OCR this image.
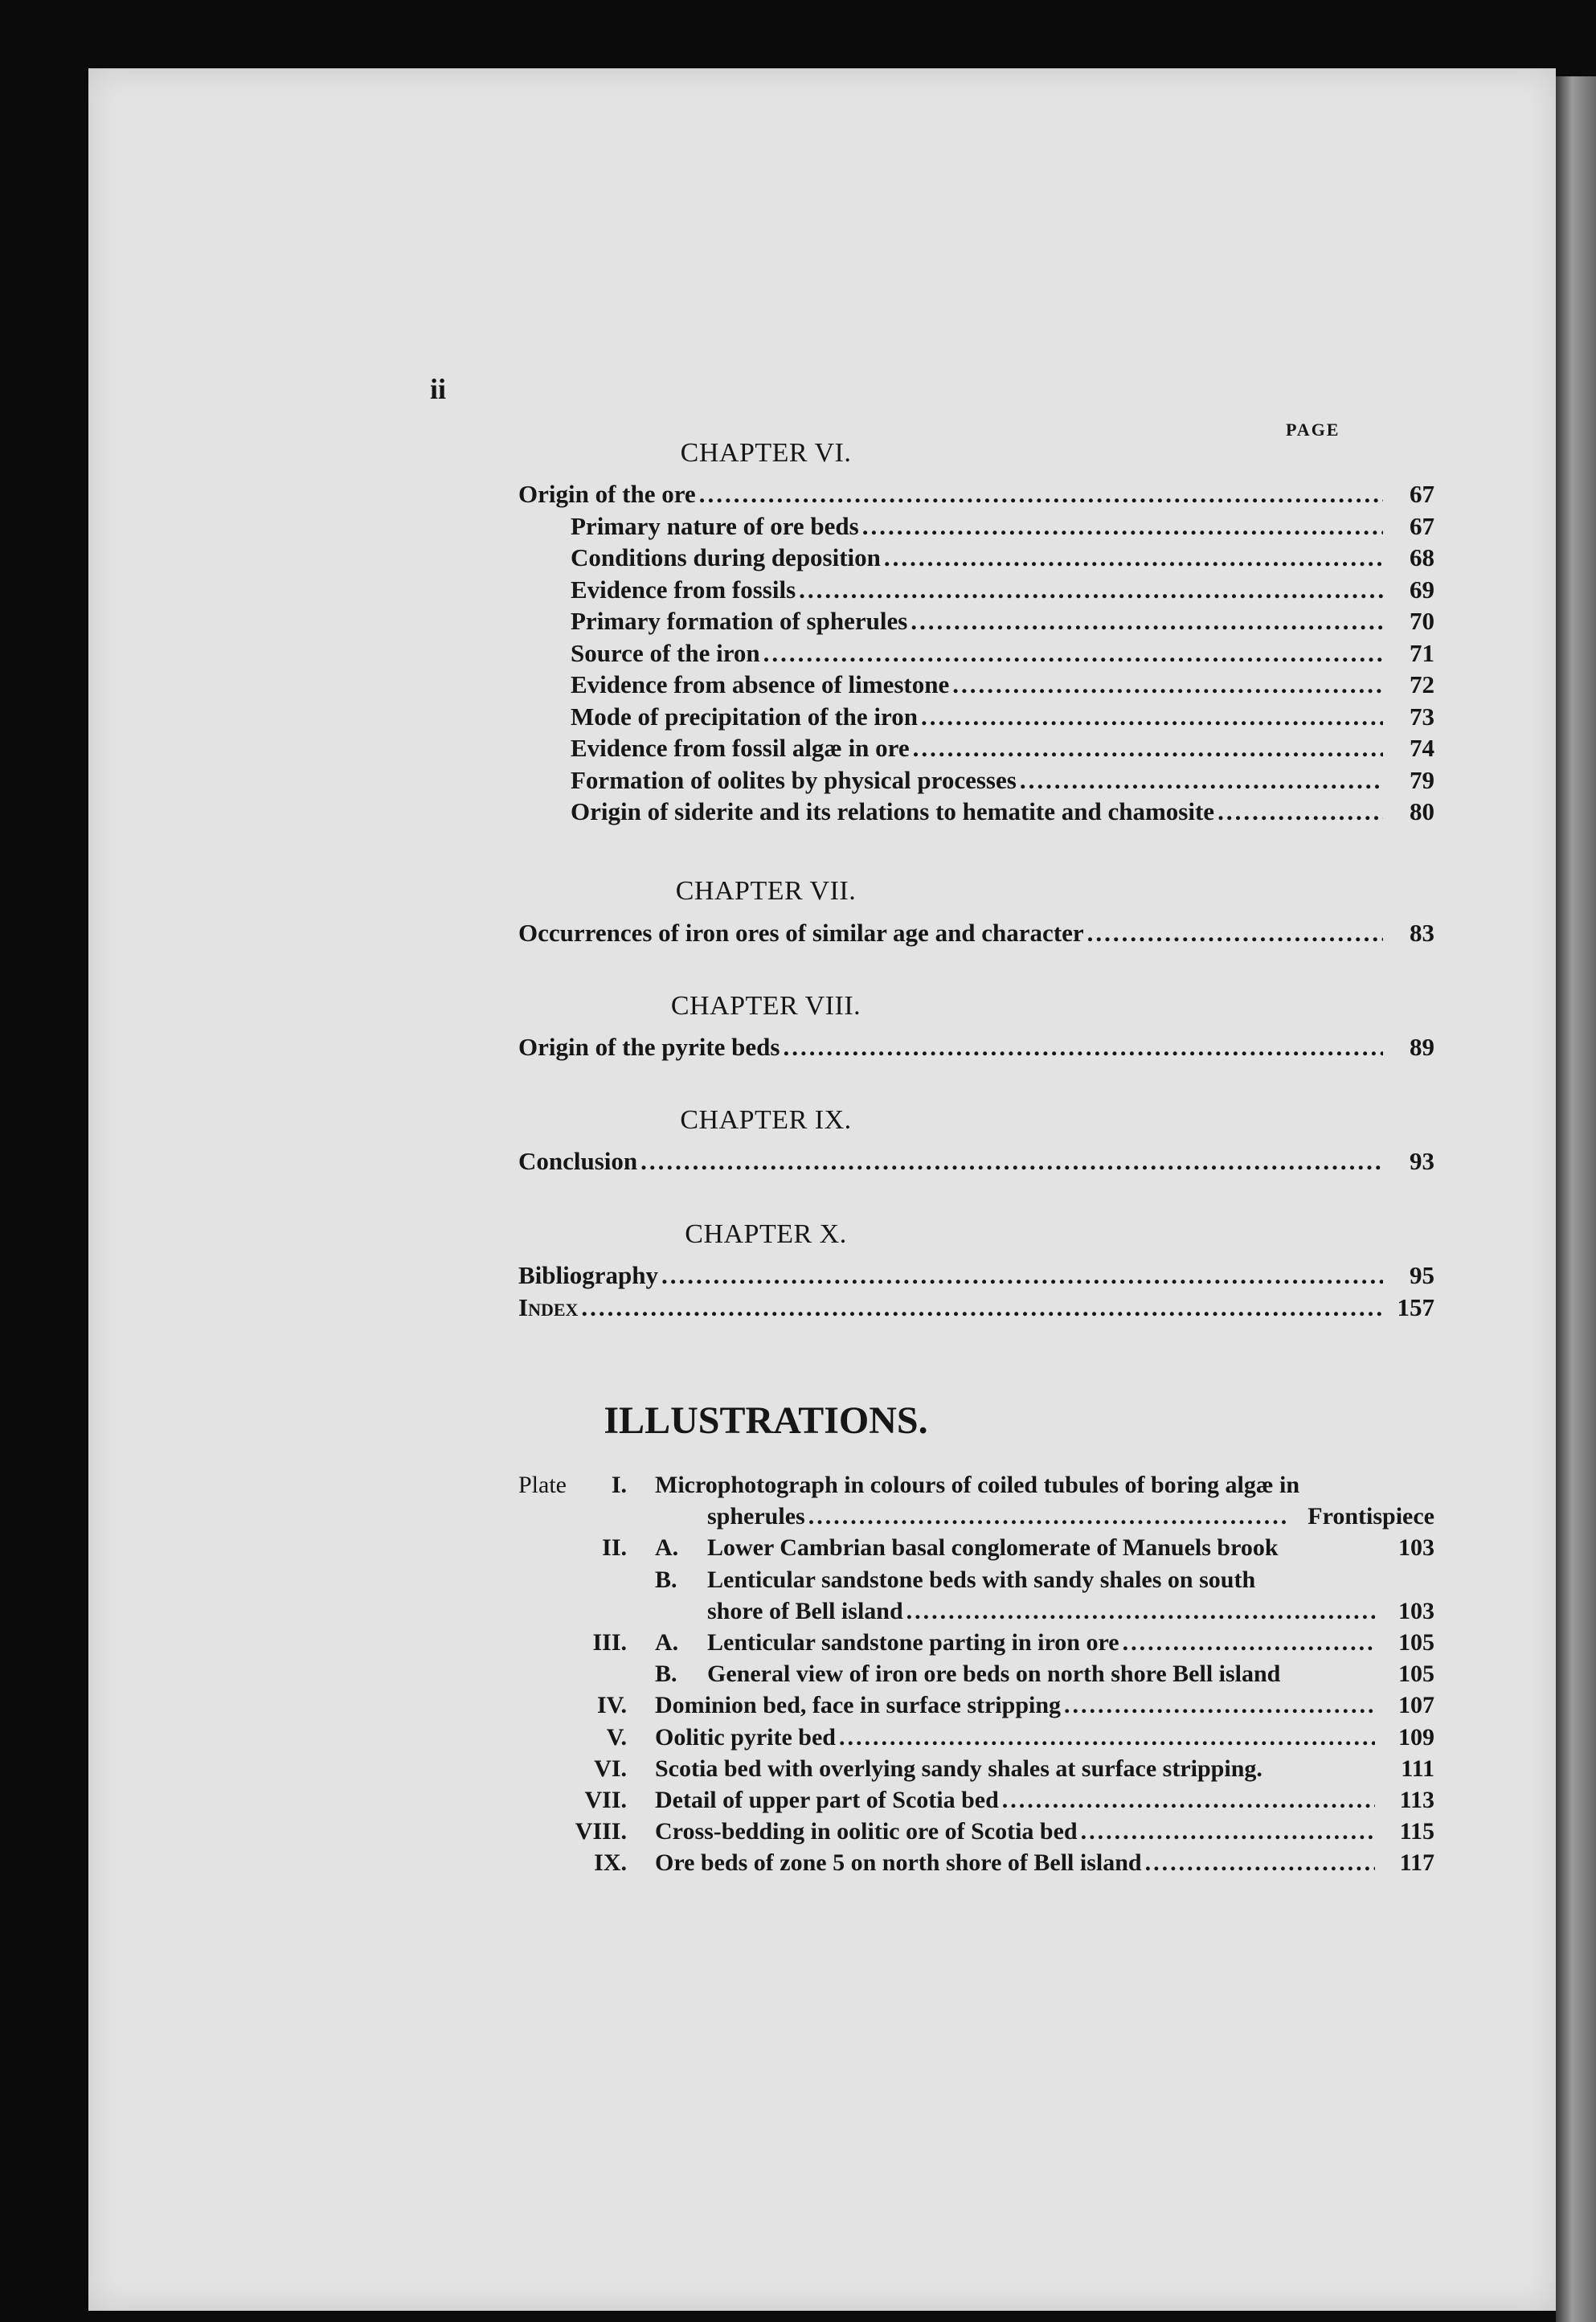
ii
PAGE
CHAPTER VI.
Origin of the ore .....	67
Primary nature of ore beds .....	67
Conditions during deposition .....	68
Evidence from fossils .....	69
Primary formation of spherules .....	70
Source of the iron .....	71
Evidence from absence of limestone .....	72
Mode of precipitation of the iron .....	73
Evidence from fossil algæ in ore .....	74
Formation of oolites by physical processes .....	79
Origin of siderite and its relations to hematite and chamosite .....	80
CHAPTER VII.
Occurrences of iron ores of similar age and character .....	83
CHAPTER VIII.
Origin of the pyrite beds .....	89
CHAPTER IX.
Conclusion .....	93
CHAPTER X.
Bibliography .....	95
Index .....	157
ILLUSTRATIONS.
Plate	I. Microphotograph in colours of coiled tubules of boring algæ in
spherules .....	Frontispiece
II. A. Lower Cambrian basal conglomerate of Manuels brook	103
B. Lenticular sandstone beds with sandy shales on south
shore of Bell island .....	103
III. A. Lenticular sandstone parting in iron ore .....	105
B. General view of iron ore beds on north shore Bell island	105
IV. Dominion bed, face in surface stripping .....	107
V. Oolitic pyrite bed .....	109
VI. Scotia bed with overlying sandy shales at surface stripping.	111
VII. Detail of upper part of Scotia bed .....	113
VIII. Cross-bedding in oolitic ore of Scotia bed .....	115
IX. Ore beds of zone 5 on north shore of Bell island .....	117
